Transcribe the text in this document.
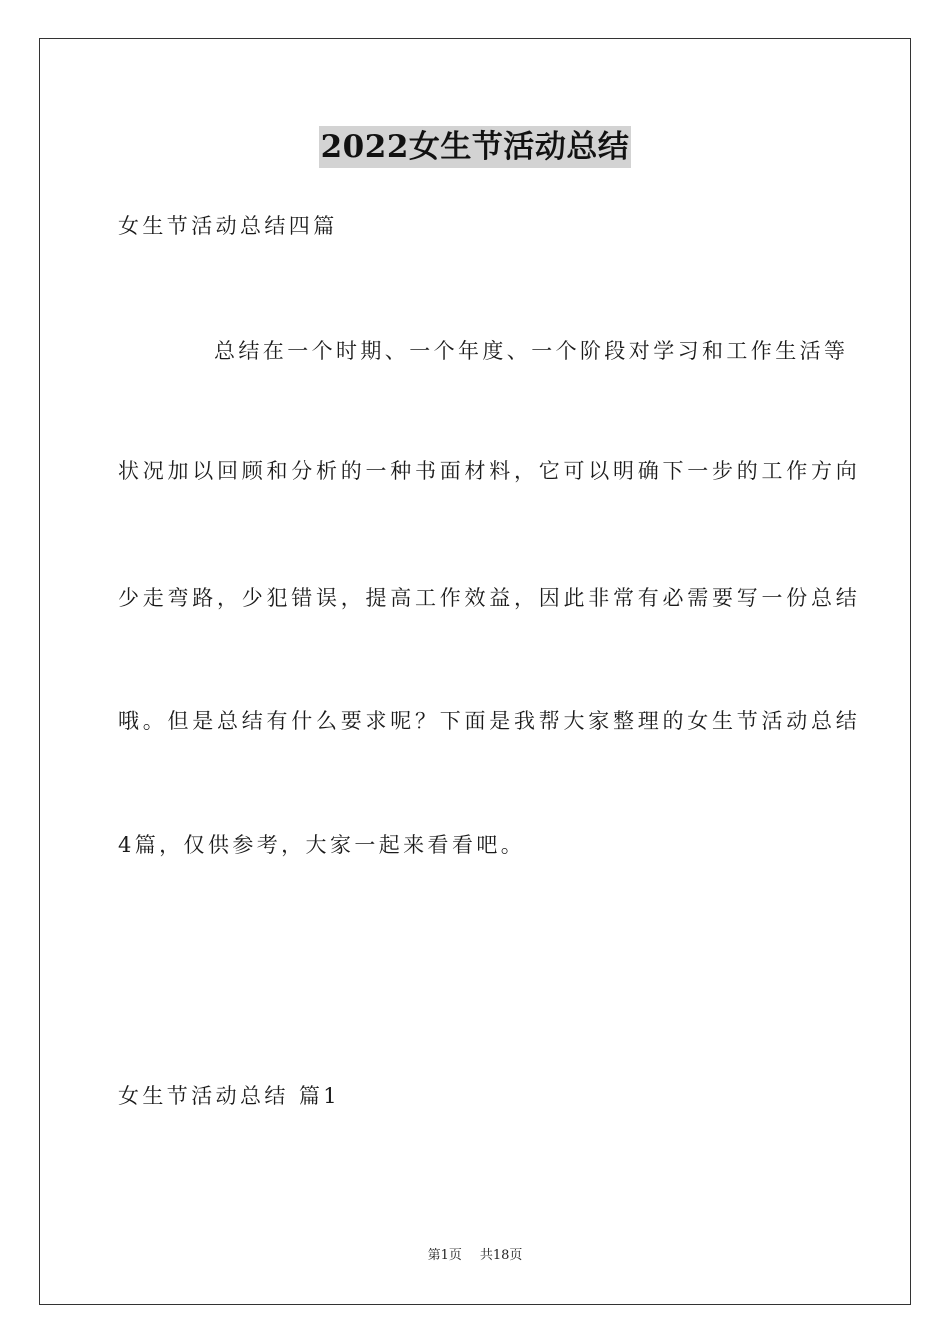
2022女生节活动总结
女生节活动总结四篇
总结在一个时期、一个年度、一个阶段对学习和工作生活等
状况加以回顾和分析的一种书面材料，它可以明确下一步的工作方向
少走弯路，少犯错误，提高工作效益，因此非常有必需要写一份总结
哦。但是总结有什么要求呢？下面是我帮大家整理的女生节活动总结
4篇，仅供参考，大家一起来看看吧。
女生节活动总结 篇1
第1页 共18页
